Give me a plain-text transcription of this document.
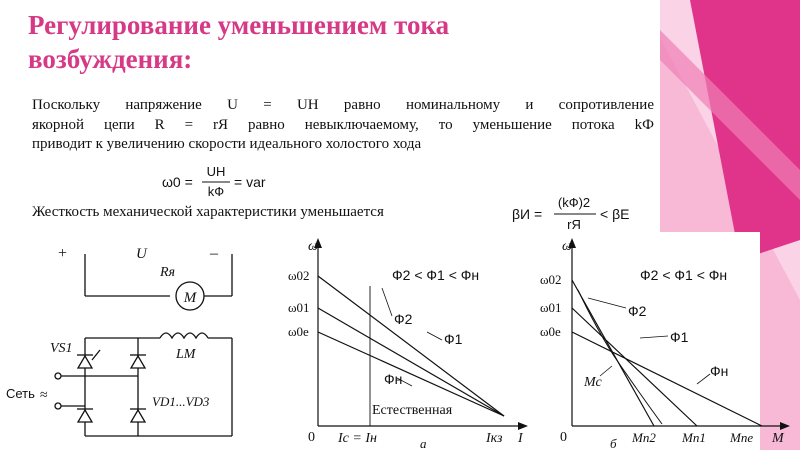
Регулирование уменьшением тока
возбуждения:

Поскольку напряжение U = UН равно номинальному и сопротивление
якорной цепи R = rЯ равно невыключаемому, то уменьшение потока kФ
приводит к увеличению скорости идеального холостого хода

ω0 =
UН
kФ
= var
Жесткость механической характеристики уменьшается	βИ =
(kФ)2
rЯ
< βЕ
+	U	–
Rя
M
VS1	LM
VD1...VD3
Сеть ≈
ω
I
0
ω02
ω01
ω0е
Ф2 < Ф1 < Фн
Ф2
Ф1
Фн
Естественная
Iс = Iн	Iкз
а
ω
M
0
ω02
ω01
ω0е
Ф2 < Ф1 < Фн
Ф2
Ф1
Фн
Мс
Mп2 Mп1 Mпе
б
